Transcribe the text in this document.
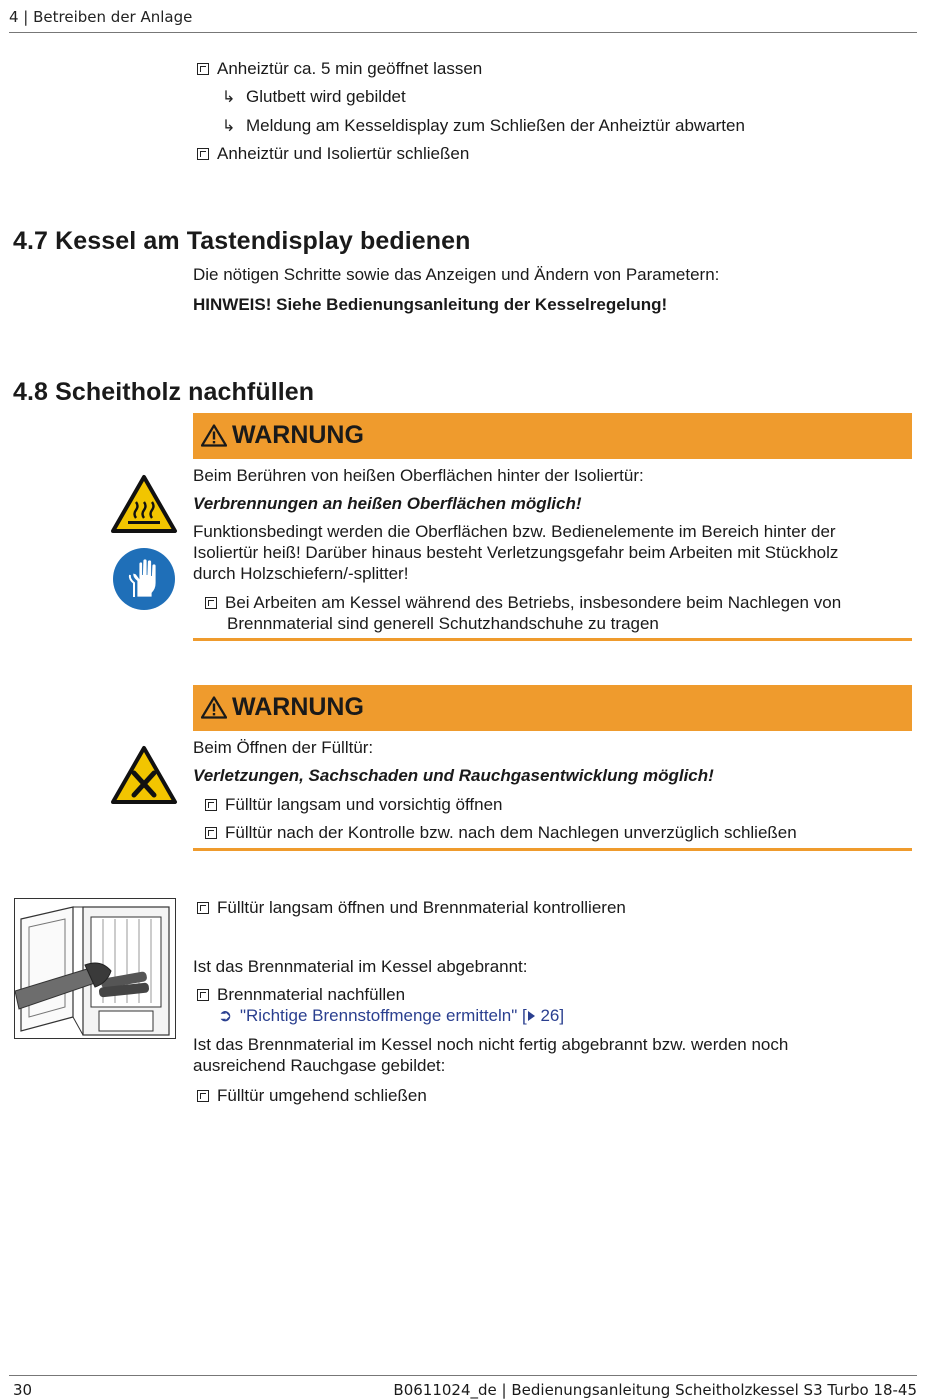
4 | Betreiben der Anlage
Anheiztür ca. 5 min geöffnet lassen
↳ Glutbett wird gebildet
↳ Meldung am Kesseldisplay zum Schließen der Anheiztür abwarten
Anheiztür und Isoliertür schließen
4.7 Kessel am Tastendisplay bedienen
Die nötigen Schritte sowie das Anzeigen und Ändern von Parametern:
HINWEIS! Siehe Bedienungsanleitung der Kesselregelung!
4.8 Scheitholz nachfüllen
WARNUNG
Beim Berühren von heißen Oberflächen hinter der Isoliertür:
Verbrennungen an heißen Oberflächen möglich!
Funktionsbedingt werden die Oberflächen bzw. Bedienelemente im Bereich hinter der
Isoliertür heiß! Darüber hinaus besteht Verletzungsgefahr beim Arbeiten mit Stückholz
durch Holzschiefern/-splitter!
Bei Arbeiten am Kessel während des Betriebs, insbesondere beim Nachlegen von
Brennmaterial sind generell Schutzhandschuhe zu tragen
WARNUNG
Beim Öffnen der Fülltür:
Verletzungen, Sachschaden und Rauchgasentwicklung möglich!
Fülltür langsam und vorsichtig öffnen
Fülltür nach der Kontrolle bzw. nach dem Nachlegen unverzüglich schließen
Fülltür langsam öffnen und Brennmaterial kontrollieren
Ist das Brennmaterial im Kessel abgebrannt:
Brennmaterial nachfüllen
➲ "Richtige Brennstoffmenge ermitteln" [ 26]
Ist das Brennmaterial im Kessel noch nicht fertig abgebrannt bzw. werden noch
ausreichend Rauchgase gebildet:
Fülltür umgehend schließen
30	B0611024_de | Bedienungsanleitung Scheitholzkessel S3 Turbo 18-45
